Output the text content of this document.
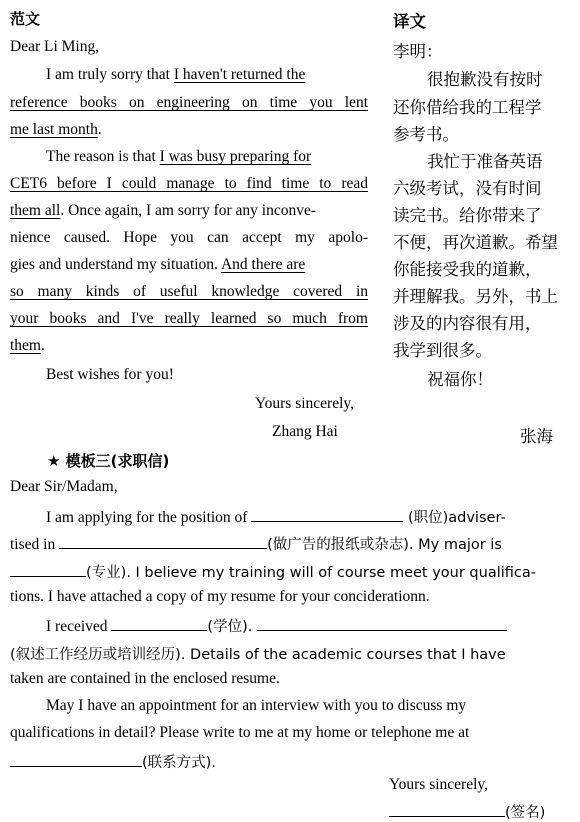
范文
Dear Li Ming,
I am truly sorry that I haven't returned the
reference books on engineering on time you lent
me last month.
The reason is that I was busy preparing for
CET6 before I could manage to find time to read
them all. Once again, I am sorry for any inconve-
nience caused. Hope you can accept my apolo-
gies and understand my situation. And there are
so many kinds of useful knowledge covered in
your books and I've really learned so much from
them.
Best wishes for you!
Yours sincerely,
Zhang Hai
译文
李明：
很抱歉没有按时
还你借给我的工程学
参考书。
我忙于准备英语
六级考试，没有时间
读完书。给你带来了
不便，再次道歉。希望
你能接受我的道歉，
并理解我。另外，书上
涉及的内容很有用，
我学到很多。
祝福你！
张海
★ 模板三(求职信)
Dear Sir/Madam,
I am applying for the position of	(职位)adviser-
tised in	(做广告的报纸或杂志). My major is
(专业). I believe my training will of course meet your qualifica-
tions. I have attached a copy of my resume for your conciderationn.
I received	(学位).
(叙述工作经历或培训经历). Details of the academic courses that I have
taken are contained in the enclosed resume.
May I have an appointment for an interview with you to discuss my
qualifications in detail? Please write to me at my home or telephone me at
(联系方式).
Yours sincerely,
(签名)
